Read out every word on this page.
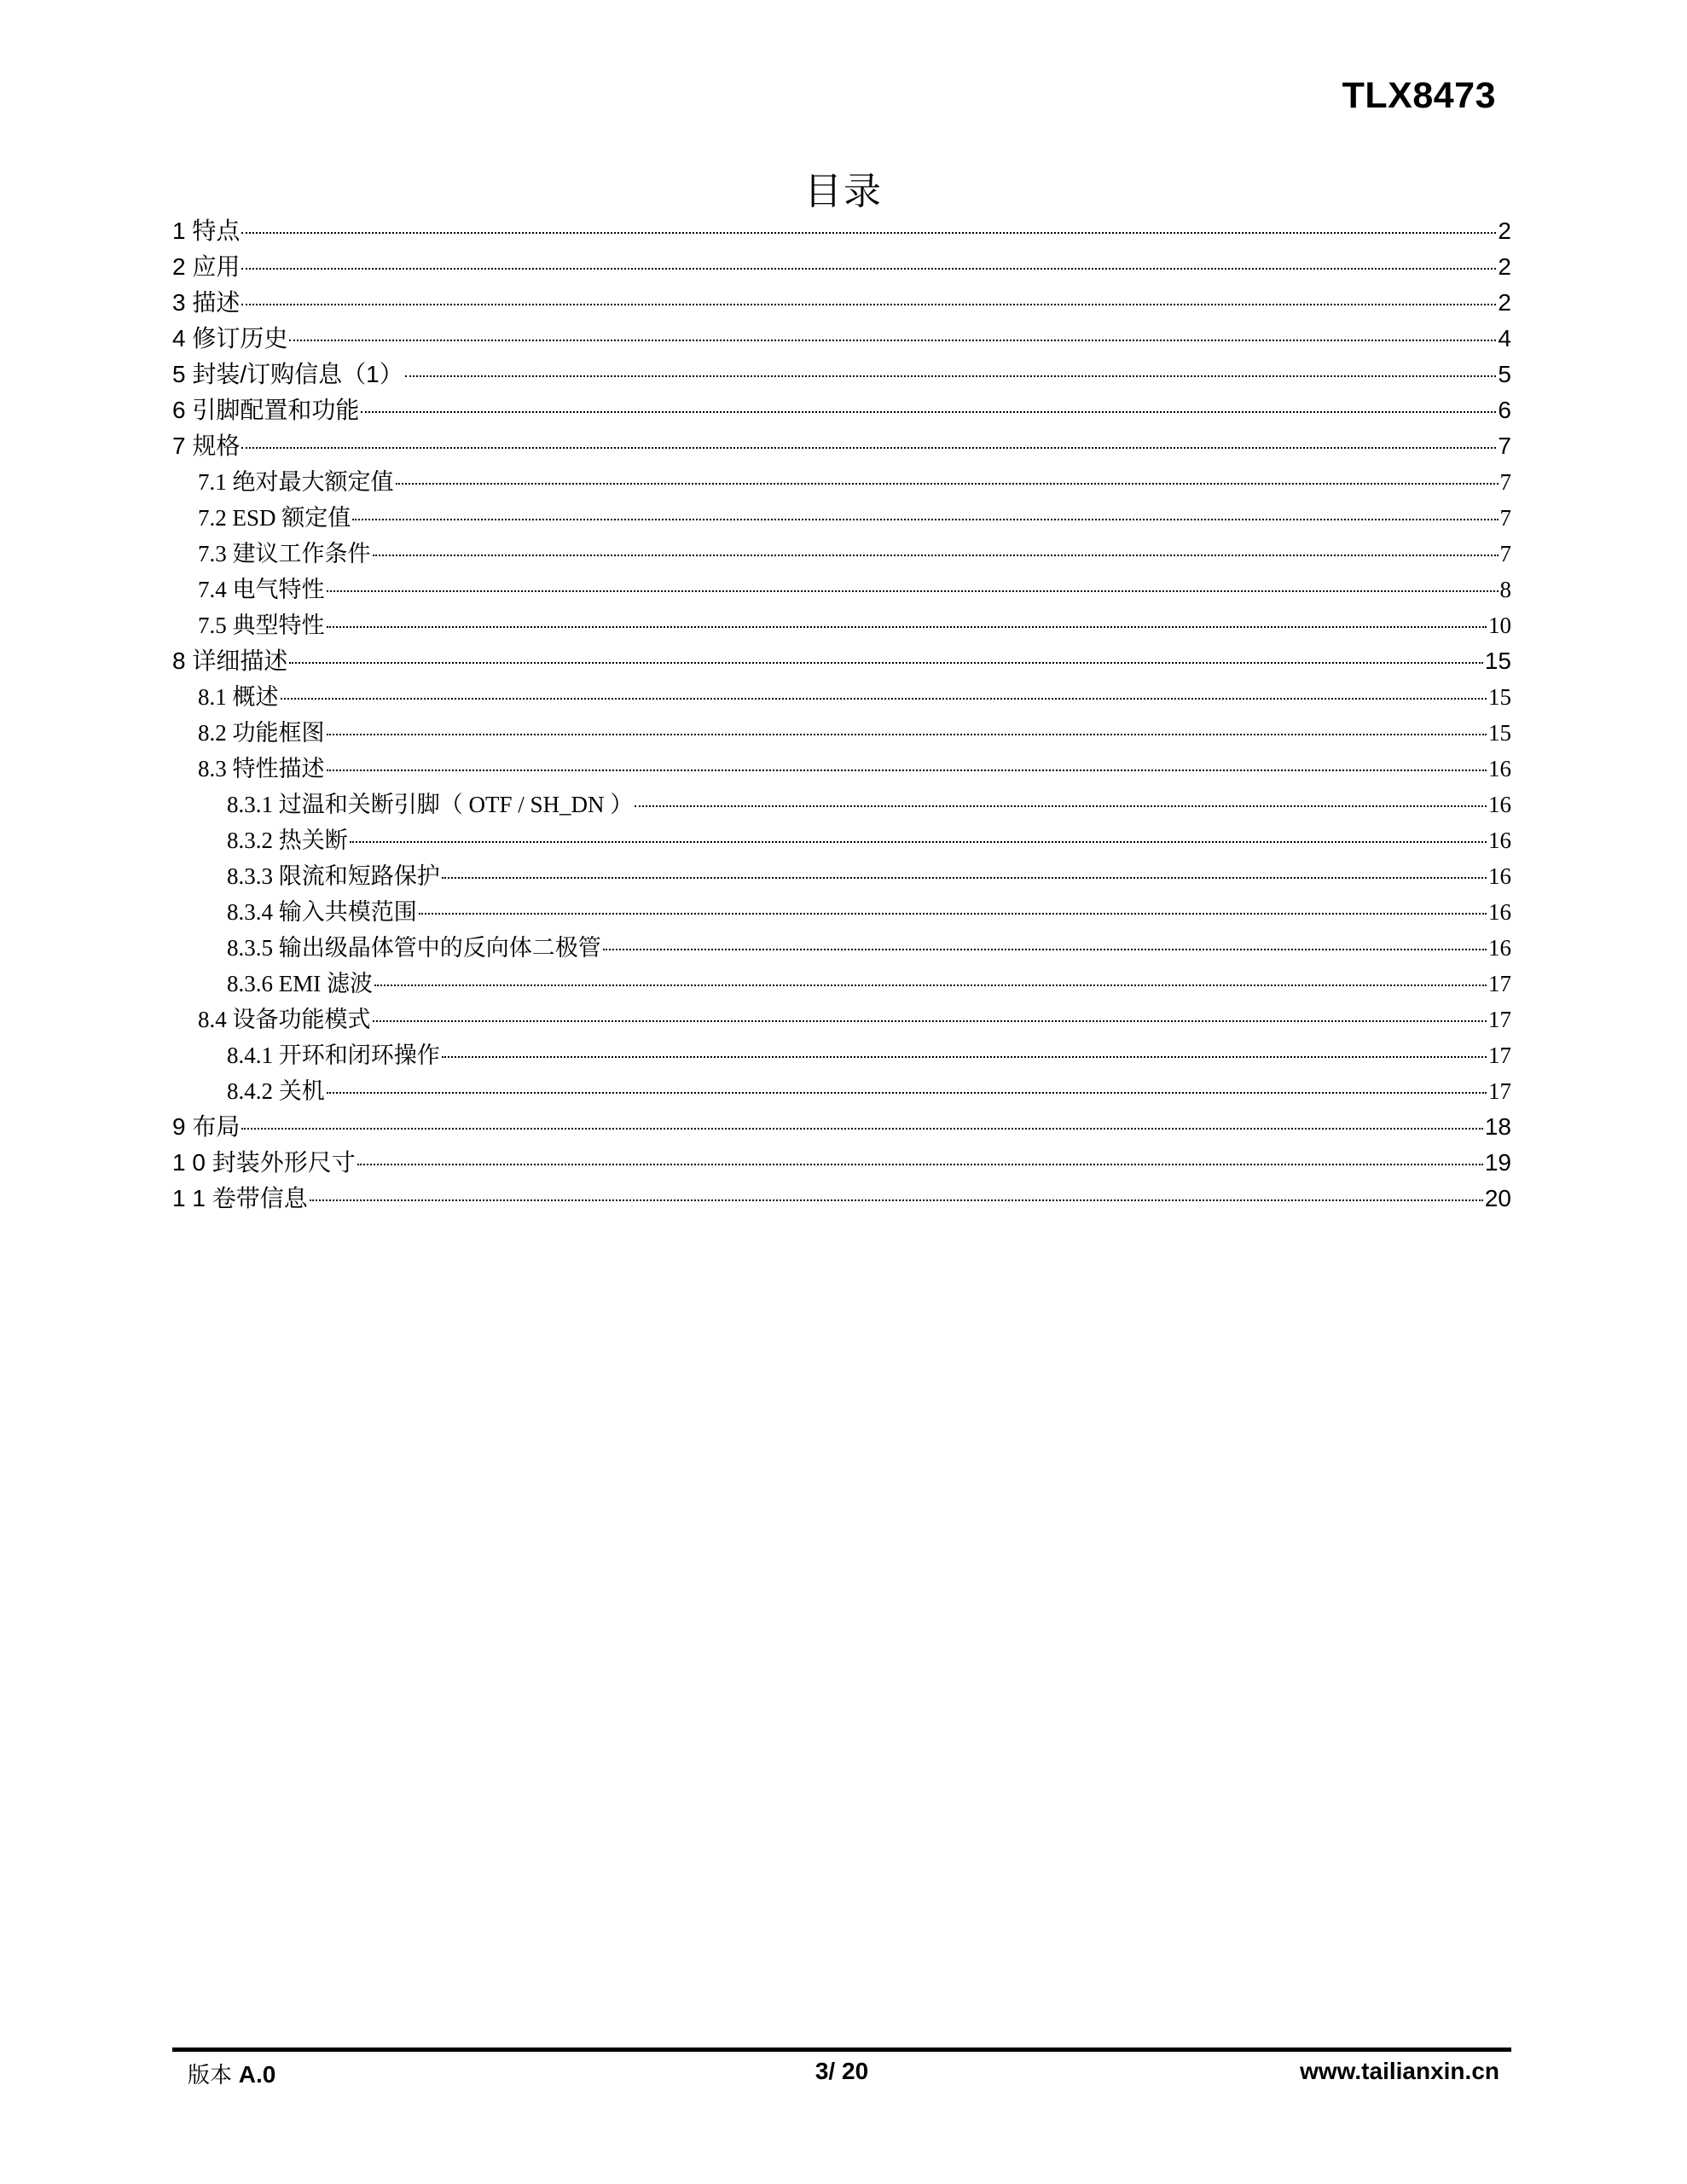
TLX8473
目录
1 特点	2
2 应用	2
3 描述	2
4 修订历史	4
5 封装/订购信息（1）	5
6 引脚配置和功能	6
7 规格	7
7.1 绝对最大额定值	7
7.2 ESD 额定值	7
7.3 建议工作条件	7
7.4 电气特性	8
7.5 典型特性	10
8 详细描述	15
8.1 概述	15
8.2 功能框图	15
8.3 特性描述	16
8.3.1 过温和关断引脚（ OTF / SH_DN ）	16
8.3.2 热关断	16
8.3.3 限流和短路保护	16
8.3.4 输入共模范围	16
8.3.5 输出级晶体管中的反向体二极管	16
8.3.6 EMI 滤波	17
8.4 设备功能模式	17
8.4.1 开环和闭环操作	17
8.4.2 关机	17
9 布局	18
1 0 封装外形尺寸	19
1 1 卷带信息	20
版本 A.0	3/ 20	www.tailianxin.cn
